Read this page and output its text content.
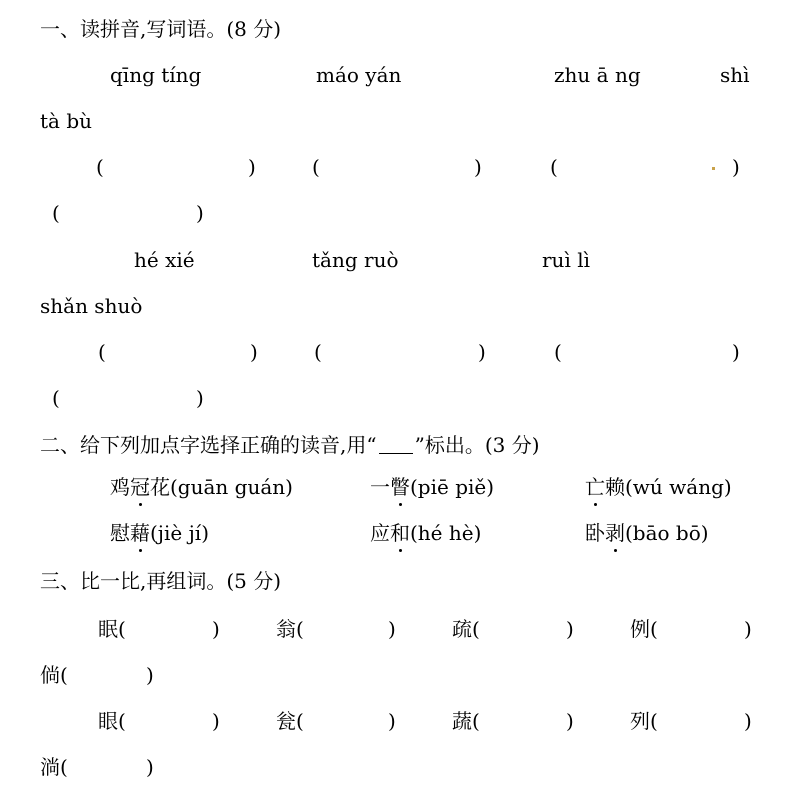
一、读拼音,写词语。(8 分)
qīng tíng	máo yán	zhu ā ng	shì
tà bù
(	)	(	)	(	)
(	)
hé xié	tǎng ruò	ruì lì
shǎn shuò
(	)	(	)	(	)
(	)
二、给下列加点字选择正确的读音,用“ ”标出。(3 分)
鸡冠花(guān guán)	一瞥(piē piě)	亡赖(wú wáng)
慰藉(jiè jí)	应和(hé hè)	卧剥(bāo bō)
三、比一比,再组词。(5 分)
眠(	)	翁(	)	疏(	)	例(	)
倘(	)
眼(	)	瓮(	)	蔬(	)	列(	)
淌(	)
